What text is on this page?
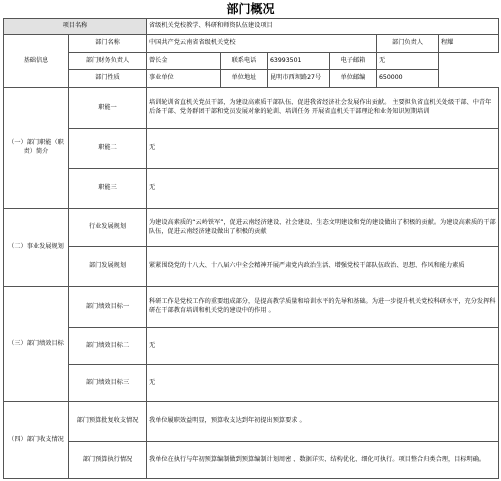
部门概况
项目名称		省级机关党校教学、科研和师资队伍建设项目					
基础信息	部门名称	中国共产党云南省省级机关党校				部门负责人	程耀
	部门财务负责人	曾长金	联系电话	63993501	电子邮箱	无	
	部门性质	事业单位	单位地址	昆明市西坝路27号	单位邮编	650000	
（一）部门职能（职责）简介	职能一	培训轮训省直机关党员干部，为建设高素质干部队伍、促进我省经济社会发展作出贡献。 主要担负省直机关处级干部、中青年后备干部、党务群团干部和党员发展对象的轮训、培训任务 开展省直机关干部理论和业务知识短期培训					
	职能二	无					
	职能三	无					
（二）事业发展规划	行业发展规划	为建设高素质的“云岭铁军”，促进云南经济建设、社会建设、生态文明建设和党的建设做出了积极的贡献。为建设高素质的干部队伍，促进云南经济建设做出了积极的贡献					
	部门发展规划	紧紧围绕党的十八大、十八届六中全会精神开展严肃党内政治生活、增强党校干部队伍政治、思想、作风和能力素质					
（三）部门绩效目标	部门绩效目标一	科研工作是党校工作的重要组成部分，是提高教学质量和培训水平的先导和基础。为进一步提升机关党校科研水平，充分发挥科研在干部教育培训和机关党的建设中的作用 。					
	部门绩效目标二	无					
	部门绩效目标三	无					
（四）部门收支情况	部门预算批复收支情况	我单位履职效益明显，预算收支达到年初提出预算要求 。					
	部门预算执行情况	我单位在执行与年初预算编制做到预算编制计划周密 、数据详实、结构优化、细化可执行。项目整合归类合理，目标明确。					
